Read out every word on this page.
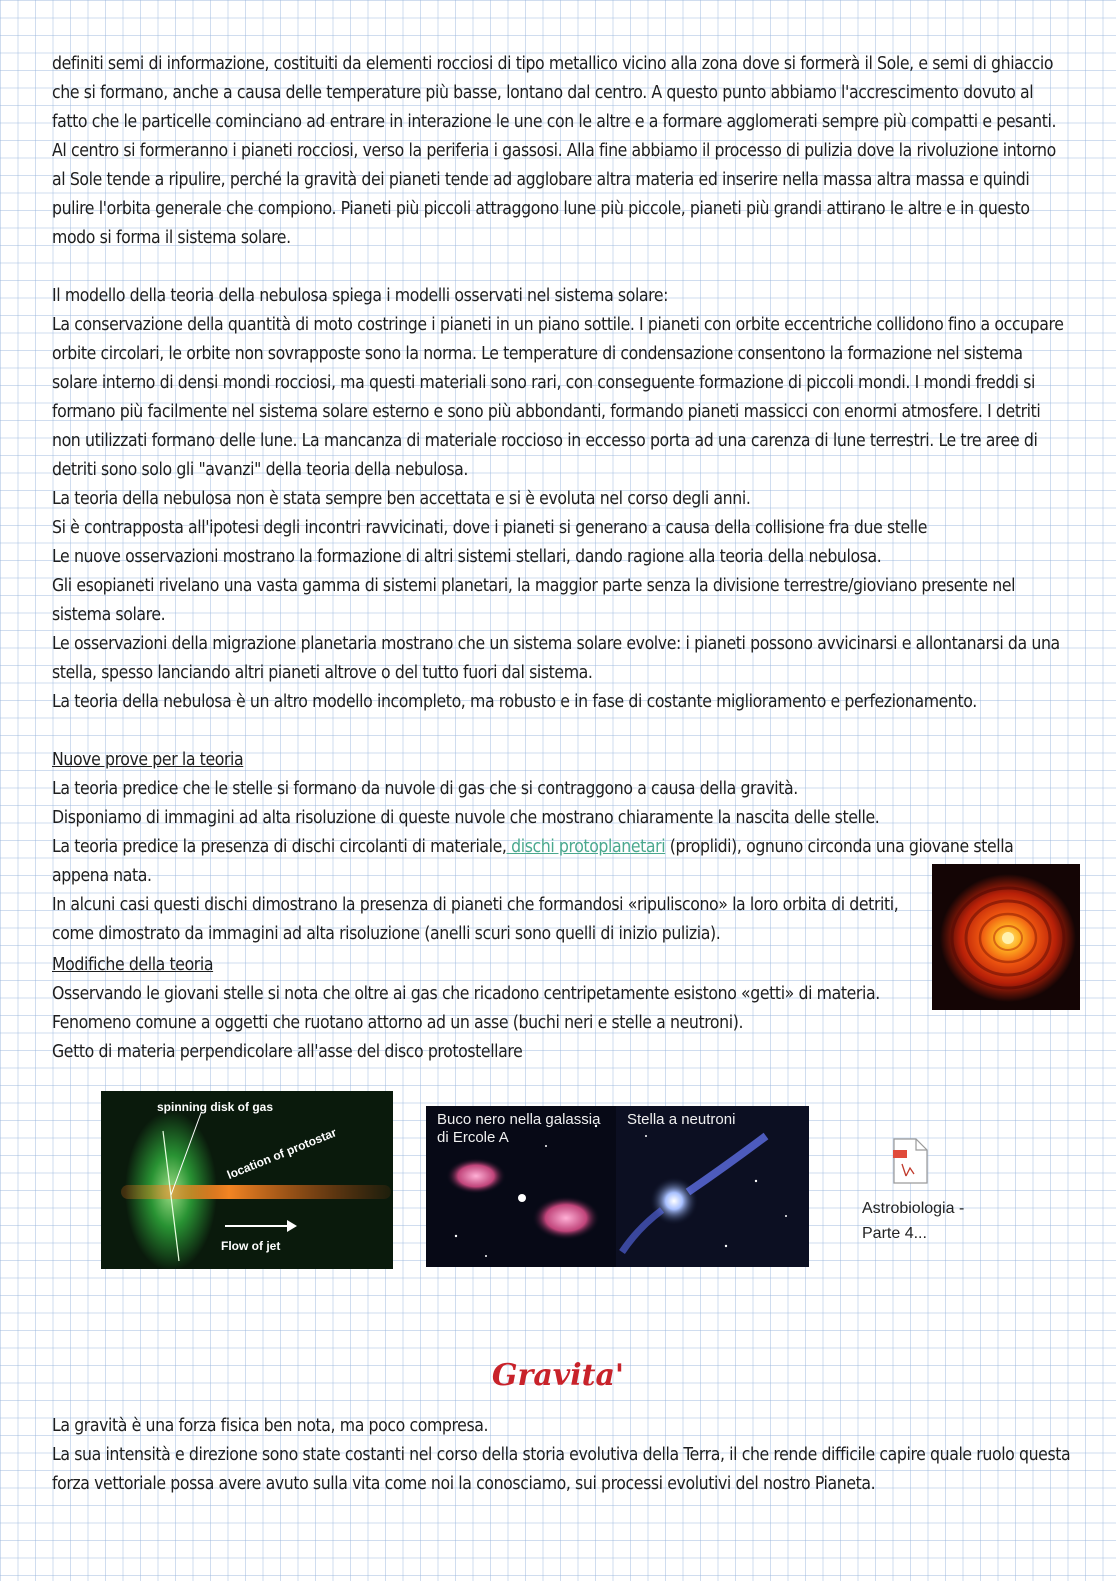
definiti semi di informazione, costituiti da elementi rocciosi di tipo metallico vicino alla zona dove si formerà il Sole, e semi di ghiaccio che si formano, anche a causa delle temperature più basse, lontano dal centro. A questo punto abbiamo l'accrescimento dovuto al fatto che le particelle cominciano ad entrare in interazione le une con le altre e a formare agglomerati sempre più compatti e pesanti. Al centro si formeranno i pianeti rocciosi, verso la periferia i gassosi. Alla fine abbiamo il processo di pulizia dove la rivoluzione intorno al Sole tende a ripulire, perché la gravità dei pianeti tende ad agglobare altra materia ed inserire nella massa altra massa e quindi pulire l'orbita generale che compiono. Pianeti più piccoli attraggono lune più piccole, pianeti più grandi attirano le altre e in questo modo si forma il sistema solare.

Il modello della teoria della nebulosa spiega i modelli osservati nel sistema solare:

La conservazione della quantità di moto costringe i pianeti in un piano sottile. I pianeti con orbite eccentriche collidono fino a occupare orbite circolari, le orbite non sovrapposte sono la norma. Le temperature di condensazione consentono la formazione nel sistema solare interno di densi mondi rocciosi, ma questi materiali sono rari, con conseguente formazione di piccoli mondi. I mondi freddi si formano più facilmente nel sistema solare esterno e sono più abbondanti, formando pianeti massicci con enormi atmosfere. I detriti non utilizzati formano delle lune. La mancanza di materiale roccioso in eccesso porta ad una carenza di lune terrestri. Le tre aree di detriti sono solo gli "avanzi" della teoria della nebulosa.

La teoria della nebulosa non è stata sempre ben accettata e si è evoluta nel corso degli anni.

Si è contrapposta all'ipotesi degli incontri ravvicinati, dove i pianeti si generano a causa della collisione fra due stelle

Le nuove osservazioni mostrano la formazione di altri sistemi stellari, dando ragione alla teoria della nebulosa.

Gli esopianeti rivelano una vasta gamma di sistemi planetari, la maggior parte senza la divisione terrestre/gioviano presente nel sistema solare.

Le osservazioni della migrazione planetaria mostrano che un sistema solare evolve: i pianeti possono avvicinarsi e allontanarsi da una stella, spesso lanciando altri pianeti altrove o del tutto fuori dal sistema.

La teoria della nebulosa è un altro modello incompleto, ma robusto e in fase di costante miglioramento e perfezionamento.

Nuove prove per la teoria

La teoria predice che le stelle si formano da nuvole di gas che si contraggono a causa della gravità.

Disponiamo di immagini ad alta risoluzione di queste nuvole che mostrano chiaramente la nascita delle stelle.

La teoria predice la presenza di dischi circolanti di materiale, dischi protoplanetari (proplidi), ognuno circonda una giovane stella appena nata.

In alcuni casi questi dischi dimostrano la presenza di pianeti che formandosi «ripuliscono» la loro orbita di detriti, come dimostrato da immagini ad alta risoluzione (anelli scuri sono quelli di inizio pulizia).

Modifiche della teoria

Osservando le giovani stelle si nota che oltre ai gas che ricadono centripetamente esistono «getti» di materia. Fenomeno comune a oggetti che ruotano attorno ad un asse (buchi neri e stelle a neutroni).

Getto di materia perpendicolare all'asse del disco protostellare

spinning disk of gas
location of protostar
Flow of jet
Buco nero nella galassia di Ercole A
Stella a neutroni
Astrobiologia - Parte 4...
Gravita'

La gravità è una forza fisica ben nota, ma poco compresa.

La sua intensità e direzione sono state costanti nel corso della storia evolutiva della Terra, il che rende difficile capire quale ruolo questa forza vettoriale possa avere avuto sulla vita come noi la conosciamo, sui processi evolutivi del nostro Pianeta.
